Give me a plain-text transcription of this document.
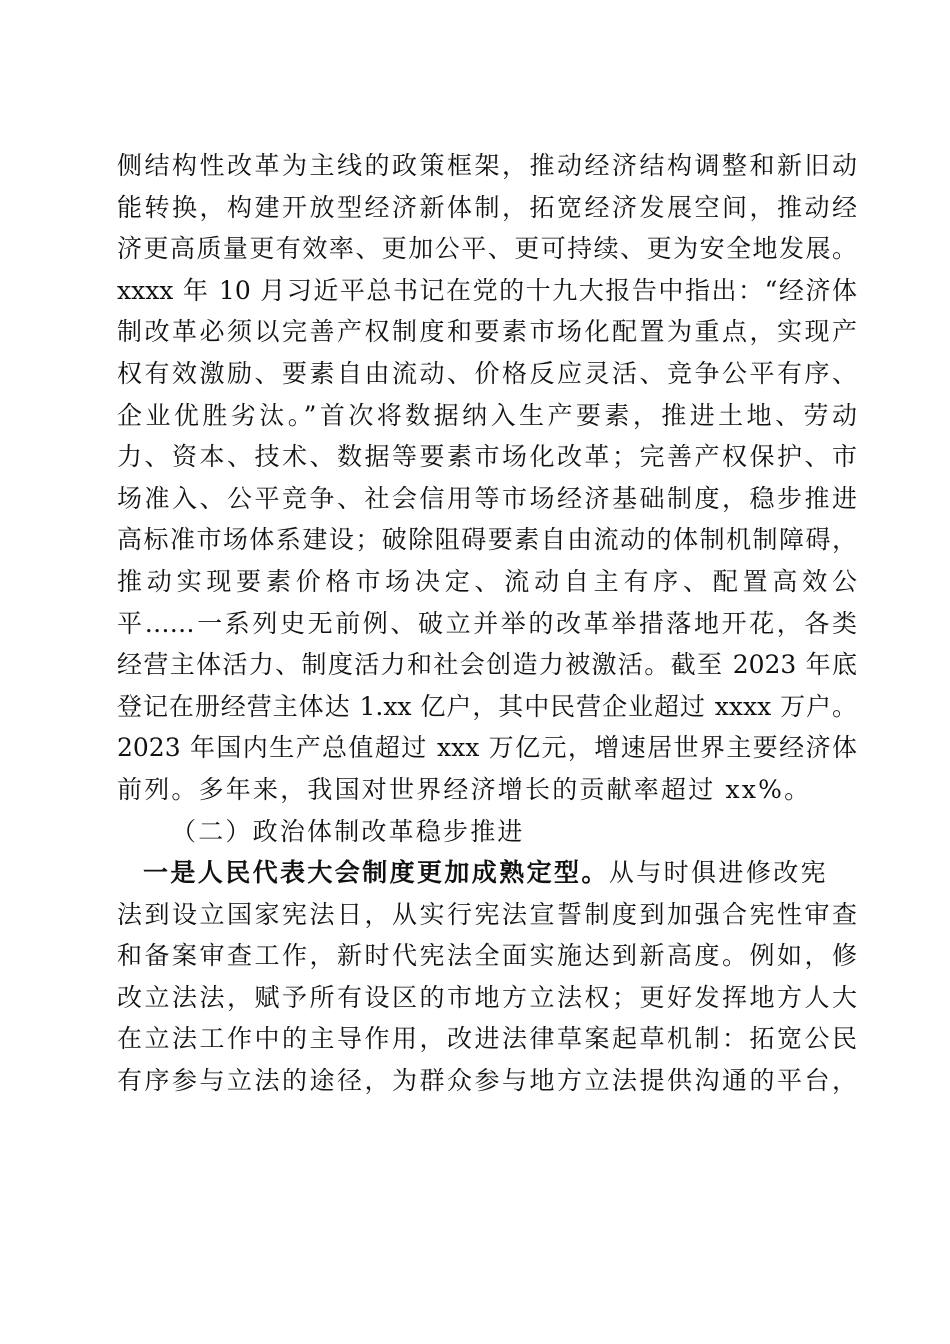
侧结构性改革为主线的政策框架，推动经济结构调整和新旧动
能转换，构建开放型经济新体制，拓宽经济发展空间，推动经
济更高质量更有效率、更加公平、更可持续、更为安全地发展。
xxxx 年 10 月习近平总书记在党的十九大报告中指出：“经济体
制改革必须以完善产权制度和要素市场化配置为重点，实现产
权有效激励、要素自由流动、价格反应灵活、竞争公平有序、
企业优胜劣汰。”首次将数据纳入生产要素，推进土地、劳动
力、资本、技术、数据等要素市场化改革；完善产权保护、市
场准入、公平竞争、社会信用等市场经济基础制度，稳步推进
高标准市场体系建设；破除阻碍要素自由流动的体制机制障碍，
推动实现要素价格市场决定、流动自主有序、配置高效公
平……一系列史无前例、破立并举的改革举措落地开花，各类
经营主体活力、制度活力和社会创造力被激活。截至 2023 年底
登记在册经营主体达 1.xx 亿户，其中民营企业超过 xxxx 万户。
2023 年国内生产总值超过 xxx 万亿元，增速居世界主要经济体
前列。多年来，我国对世界经济增长的贡献率超过 xx%。
（二）政治体制改革稳步推进
一是人民代表大会制度更加成熟定型。从与时俱进修改宪
法到设立国家宪法日，从实行宪法宣誓制度到加强合宪性审查
和备案审查工作，新时代宪法全面实施达到新高度。例如，修
改立法法，赋予所有设区的市地方立法权；更好发挥地方人大
在立法工作中的主导作用，改进法律草案起草机制：拓宽公民
有序参与立法的途径，为群众参与地方立法提供沟通的平台，
